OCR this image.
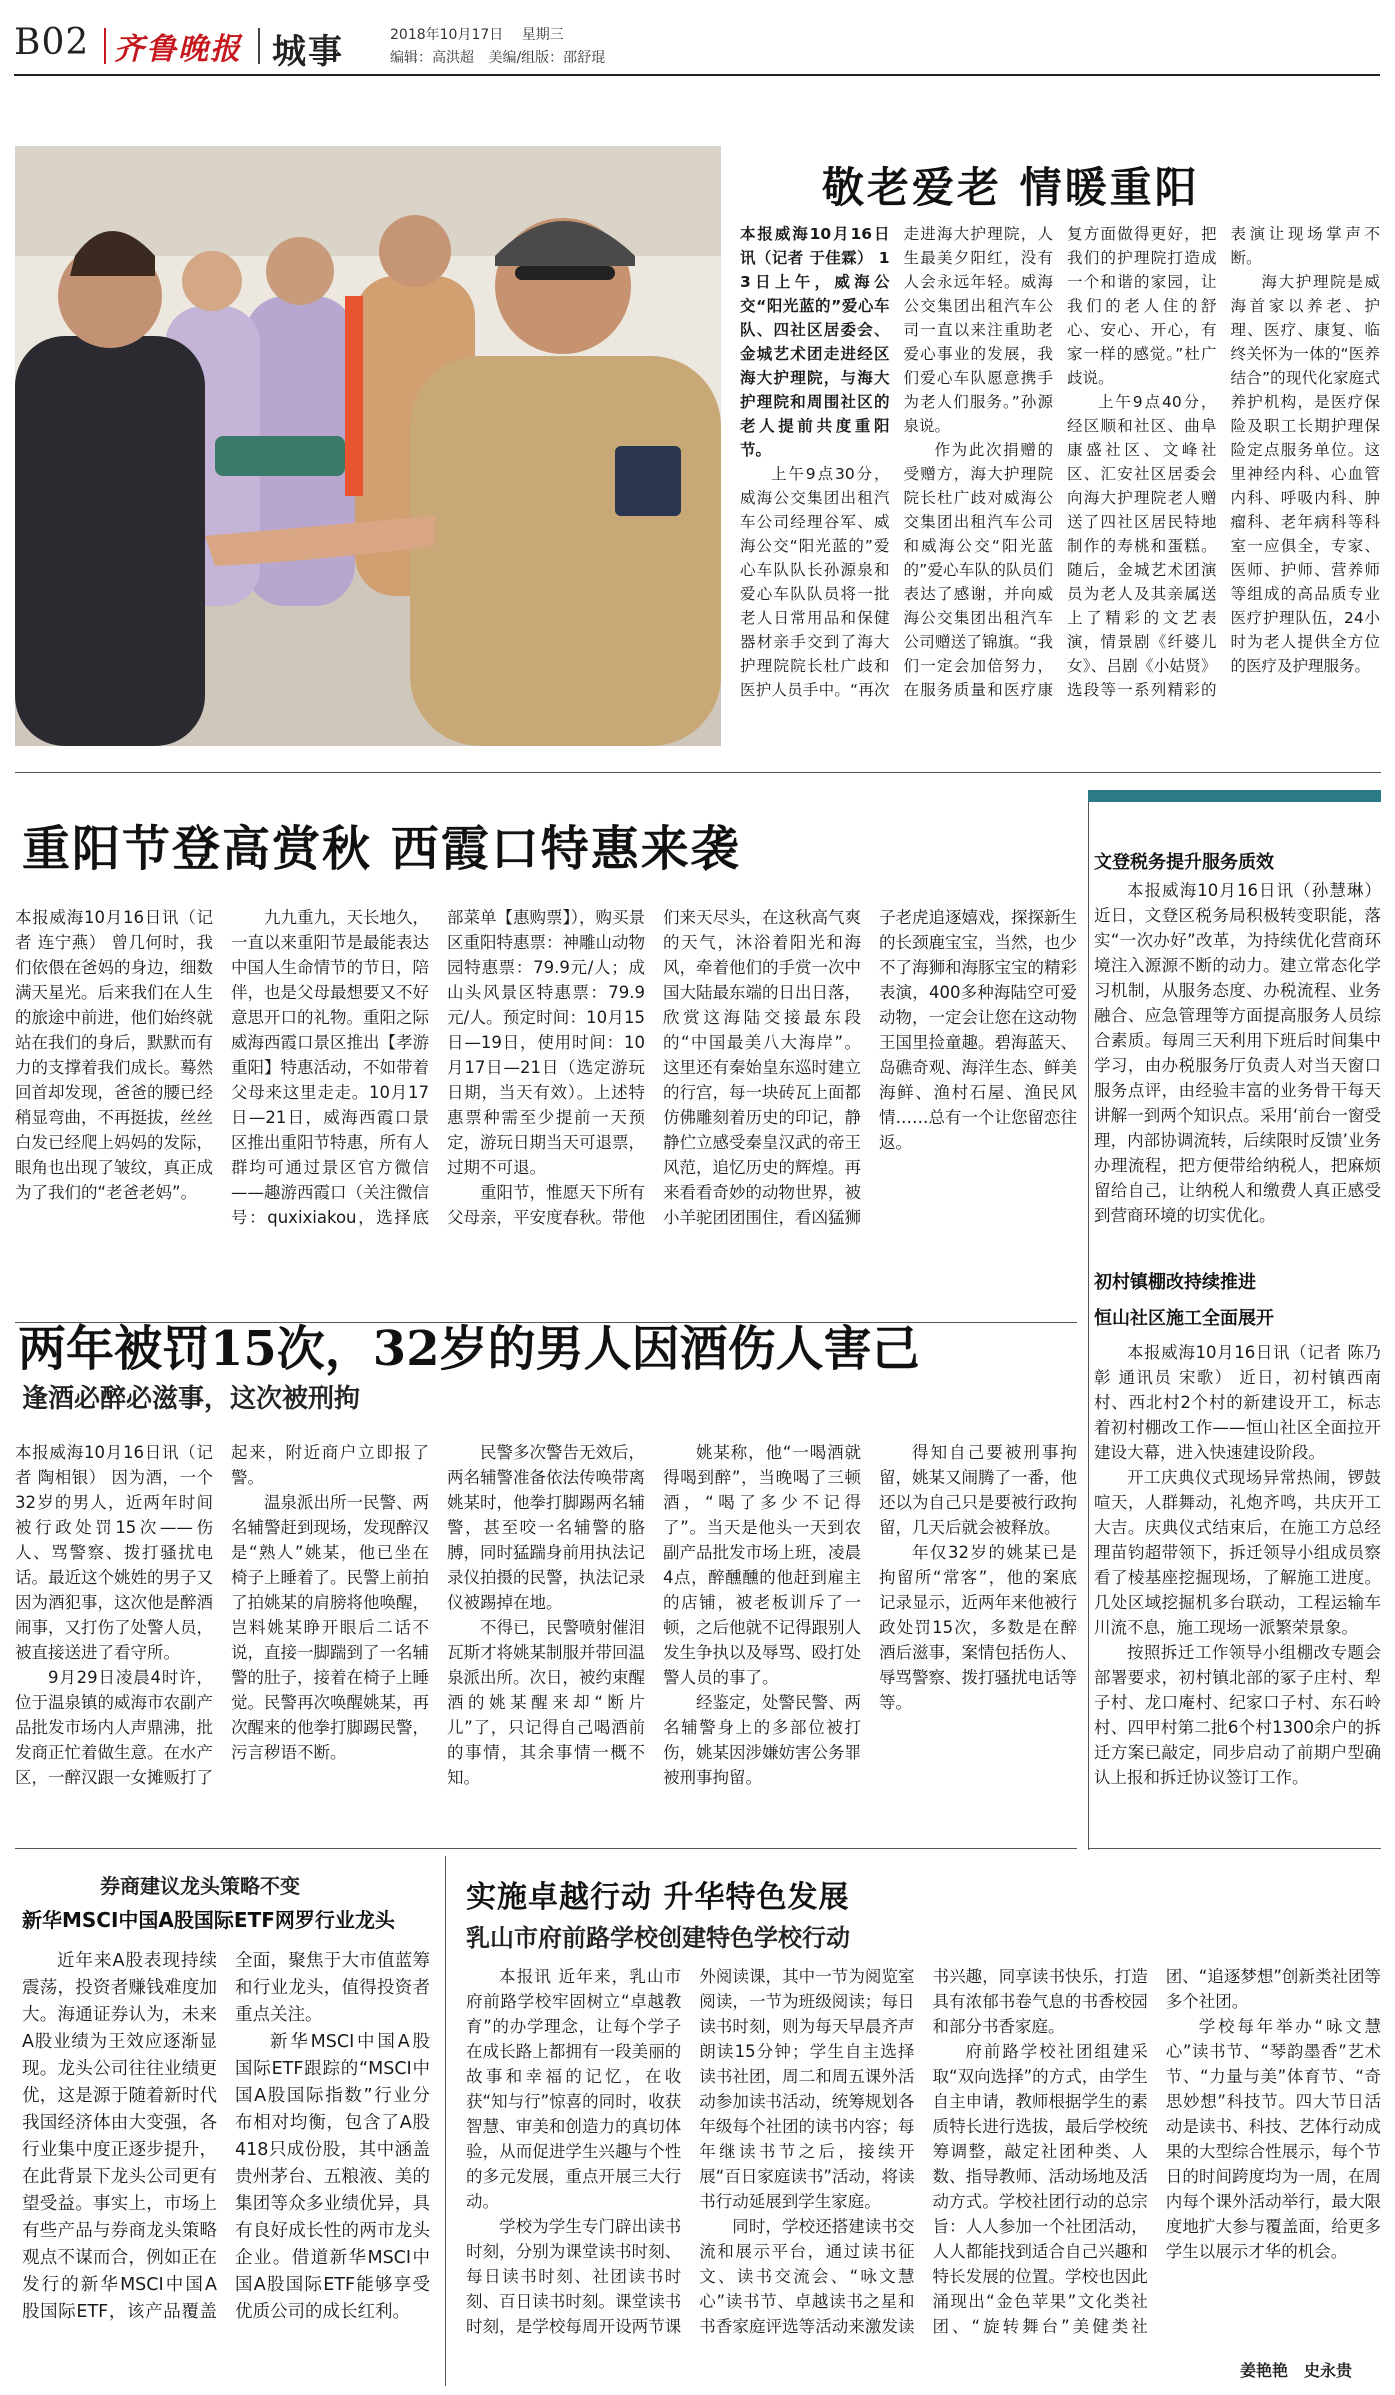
B02 齐鲁晚报 城事	2018年10月17日 星期三
编辑：高洪超 美编/组版：邵舒琨
敬老爱老 情暖重阳

本报威海10月16日讯（记者 于佳霖） 13日上午，威海公交“阳光蓝的”爱心车队、四社区居委会、金城艺术团走进经区海大护理院，与海大护理院和周围社区的老人提前共度重阳节。

上午9点30分，威海公交集团出租汽车公司经理谷军、威海公交“阳光蓝的”爱心车队队长孙源泉和爱心车队队员将一批老人日常用品和保健器材亲手交到了海大护理院院长杜广歧和医护人员手中。“再次走进海大护理院，人生最美夕阳红，没有人会永远年轻。威海公交集团出租汽车公司一直以来注重助老爱心事业的发展，我们爱心车队愿意携手为老人们服务。”孙源泉说。

作为此次捐赠的受赠方，海大护理院院长杜广歧对威海公交集团出租汽车公司和威海公交“阳光蓝的”爱心车队的队员们表达了感谢，并向威海公交集团出租汽车公司赠送了锦旗。“我们一定会加倍努力，在服务质量和医疗康复方面做得更好，把我们的护理院打造成一个和谐的家园，让我们的老人住的舒心、安心、开心，有家一样的感觉。”杜广歧说。

上午9点40分，经区顺和社区、曲阜康盛社区、文峰社区、汇安社区居委会向海大护理院老人赠送了四社区居民特地制作的寿桃和蛋糕。随后，金城艺术团演员为老人及其亲属送上了精彩的文艺表演，情景剧《纤婆儿女》、吕剧《小姑贤》选段等一系列精彩的表演让现场掌声不断。

海大护理院是威海首家以养老、护理、医疗、康复、临终关怀为一体的“医养结合”的现代化家庭式养护机构，是医疗保险及职工长期护理保险定点服务单位。这里神经内科、心血管内科、呼吸内科、肿瘤科、老年病科等科室一应俱全，专家、医师、护师、营养师等组成的高品质专业医疗护理队伍，24小时为老人提供全方位的医疗及护理服务。

重阳节登高赏秋 西霞口特惠来袭

本报威海10月16日讯（记者 连宁燕） 曾几何时，我们依偎在爸妈的身边，细数满天星光。后来我们在人生的旅途中前进，他们始终就站在我们的身后，默默而有力的支撑着我们成长。蓦然回首却发现，爸爸的腰已经稍显弯曲，不再挺拔，丝丝白发已经爬上妈妈的发际，眼角也出现了皱纹，真正成为了我们的“老爸老妈”。

九九重九，天长地久，一直以来重阳节是最能表达中国人生命情节的节日，陪伴，也是父母最想要又不好意思开口的礼物。重阳之际威海西霞口景区推出【孝游重阳】特惠活动，不如带着父母来这里走走。10月17日—21日，威海西霞口景区推出重阳节特惠，所有人群均可通过景区官方微信——趣游西霞口（关注微信号：quxixiakou，选择底部菜单【惠购票】），购买景区重阳特惠票：神雕山动物园特惠票：79.9元/人；成山头风景区特惠票：79.9元/人。预定时间：10月15日—19日，使用时间：10月17日—21日（选定游玩日期，当天有效）。上述特惠票种需至少提前一天预定，游玩日期当天可退票，过期不可退。

重阳节，惟愿天下所有父母亲，平安度春秋。带他们来天尽头，在这秋高气爽的天气，沐浴着阳光和海风，牵着他们的手赏一次中国大陆最东端的日出日落，欣赏这海陆交接最东段的“中国最美八大海岸”。这里还有秦始皇东巡时建立的行宫，每一块砖瓦上面都仿佛雕刻着历史的印记，静静伫立感受秦皇汉武的帝王风范，追忆历史的辉煌。再来看看奇妙的动物世界，被小羊驼团团围住，看凶猛狮子老虎追逐嬉戏，探探新生的长颈鹿宝宝，当然，也少不了海狮和海豚宝宝的精彩表演，400多种海陆空可爱动物，一定会让您在这动物王国里捡童趣。碧海蓝天、岛礁奇观、海洋生态、鲜美海鲜、渔村石屋、渔民风情……总有一个让您留恋往返。

两年被罚15次，32岁的男人因酒伤人害己
逢酒必醉必滋事，这次被刑拘

本报威海10月16日讯（记者 陶相银） 因为酒，一个32岁的男人，近两年时间被行政处罚15次——伤人、骂警察、拨打骚扰电话。最近这个姚姓的男子又因为酒犯事，这次他是醉酒闹事，又打伤了处警人员，被直接送进了看守所。

9月29日凌晨4时许，位于温泉镇的威海市农副产品批发市场内人声鼎沸，批发商正忙着做生意。在水产区，一醉汉跟一女摊贩打了起来，附近商户立即报了警。

温泉派出所一民警、两名辅警赶到现场，发现醉汉是“熟人”姚某，他已坐在椅子上睡着了。民警上前拍了拍姚某的肩膀将他唤醒，岂料姚某睁开眼后二话不说，直接一脚踹到了一名辅警的肚子，接着在椅子上睡觉。民警再次唤醒姚某，再次醒来的他拳打脚踢民警，污言秽语不断。

民警多次警告无效后，两名辅警准备依法传唤带离姚某时，他拳打脚踢两名辅警，甚至咬一名辅警的胳膊，同时猛踹身前用执法记录仪拍摄的民警，执法记录仪被踢掉在地。

不得已，民警喷射催泪瓦斯才将姚某制服并带回温泉派出所。次日，被约束醒酒的姚某醒来却“断片儿”了，只记得自己喝酒前的事情，其余事情一概不知。

姚某称，他“一喝酒就得喝到醉”，当晚喝了三顿酒，“喝了多少不记得了”。当天是他头一天到农副产品批发市场上班，凌晨4点，醉醺醺的他赶到雇主的店铺，被老板训斥了一顿，之后他就不记得跟别人发生争执以及辱骂、殴打处警人员的事了。

经鉴定，处警民警、两名辅警身上的多部位被打伤，姚某因涉嫌妨害公务罪被刑事拘留。

得知自己要被刑事拘留，姚某又闹腾了一番，他还以为自己只是要被行政拘留，几天后就会被释放。

年仅32岁的姚某已是拘留所“常客”，他的案底记录显示，近两年来他被行政处罚15次，多数是在醉酒后滋事，案情包括伤人、辱骂警察、拨打骚扰电话等等。

文登税务提升服务质效

本报威海10月16日讯（孙慧琳） 近日，文登区税务局积极转变职能，落实“一次办好”改革，为持续优化营商环境注入源源不断的动力。建立常态化学习机制，从服务态度、办税流程、业务融合、应急管理等方面提高服务人员综合素质。每周三天利用下班后时间集中学习，由办税服务厅负责人对当天窗口服务点评，由经验丰富的业务骨干每天讲解一到两个知识点。采用‘前台一窗受理，内部协调流转，后续限时反馈’业务办理流程，把方便带给纳税人，把麻烦留给自己，让纳税人和缴费人真正感受到营商环境的切实优化。

初村镇棚改持续推进
恒山社区施工全面展开

本报威海10月16日讯（记者 陈乃彰 通讯员 宋歌） 近日，初村镇西南村、西北村2个村的新建设开工，标志着初村棚改工作——恒山社区全面拉开建设大幕，进入快速建设阶段。

开工庆典仪式现场异常热闹，锣鼓喧天，人群舞动，礼炮齐鸣，共庆开工大吉。庆典仪式结束后，在施工方总经理苗钧超带领下，拆迁领导小组成员察看了棱基座挖掘现场，了解施工进度。几处区域挖掘机多台联动，工程运输车川流不息，施工现场一派繁荣景象。

按照拆迁工作领导小组棚改专题会部署要求，初村镇北部的冢子庄村、犁子村、龙口庵村、纪家口子村、东石岭村、四甲村第二批6个村1300余户的拆迁方案已敲定，同步启动了前期户型确认上报和拆迁协议签订工作。

券商建议龙头策略不变
新华MSCI中国A股国际ETF网罗行业龙头

近年来A股表现持续震荡，投资者赚钱难度加大。海通证券认为，未来A股业绩为王效应逐渐显现。龙头公司往往业绩更优，这是源于随着新时代我国经济体由大变强，各行业集中度正逐步提升，在此背景下龙头公司更有望受益。事实上，市场上有些产品与券商龙头策略观点不谋而合，例如正在发行的新华MSCI中国A股国际ETF，该产品覆盖全面，聚焦于大市值蓝筹和行业龙头，值得投资者重点关注。

新华MSCI中国A股国际ETF跟踪的“MSCI中国A股国际指数”行业分布相对均衡，包含了A股418只成份股，其中涵盖贵州茅台、五粮液、美的集团等众多业绩优异，具有良好成长性的两市龙头企业。借道新华MSCI中国A股国际ETF能够享受优质公司的成长红利。

实施卓越行动 升华特色发展
乳山市府前路学校创建特色学校行动

本报讯 近年来，乳山市府前路学校牢固树立“卓越教育”的办学理念，让每个学子在成长路上都拥有一段美丽的故事和幸福的记忆，在收获“知与行”惊喜的同时，收获智慧、审美和创造力的真切体验，从而促进学生兴趣与个性的多元发展，重点开展三大行动。

学校为学生专门辟出读书时刻，分别为课堂读书时刻、每日读书时刻、社团读书时刻、百日读书时刻。课堂读书时刻，是学校每周开设两节课外阅读课，其中一节为阅览室阅读，一节为班级阅读；每日读书时刻，则为每天早晨齐声朗读15分钟；学生自主选择读书社团，周二和周五课外活动参加读书活动，统筹规划各年级每个社团的读书内容；每年继读书节之后，接续开展“百日家庭读书”活动，将读书行动延展到学生家庭。

同时，学校还搭建读书交流和展示平台，通过读书征文、读书交流会、“咏文慧心”读书节、卓越读书之星和书香家庭评选等活动来激发读书兴趣，同享读书快乐，打造具有浓郁书卷气息的书香校园和部分书香家庭。

府前路学校社团组建采取“双向选择”的方式，由学生自主申请，教师根据学生的素质特长进行选拔，最后学校统筹调整，敲定社团种类、人数、指导教师、活动场地及活动方式。学校社团行动的总宗旨：人人参加一个社团活动，人人都能找到适合自己兴趣和特长发展的位置。学校也因此涌现出“金色苹果”文化类社团、“旋转舞台”美健类社团、“追逐梦想”创新类社团等多个社团。

学校每年举办“咏文慧心”读书节、“琴韵墨香”艺术节、“力量与美”体育节、“奇思妙想”科技节。四大节日活动是读书、科技、艺体行动成果的大型综合性展示，每个节日的时间跨度均为一周，在周内每个课外活动举行，最大限度地扩大参与覆盖面，给更多学生以展示才华的机会。

姜艳艳　史永贵
